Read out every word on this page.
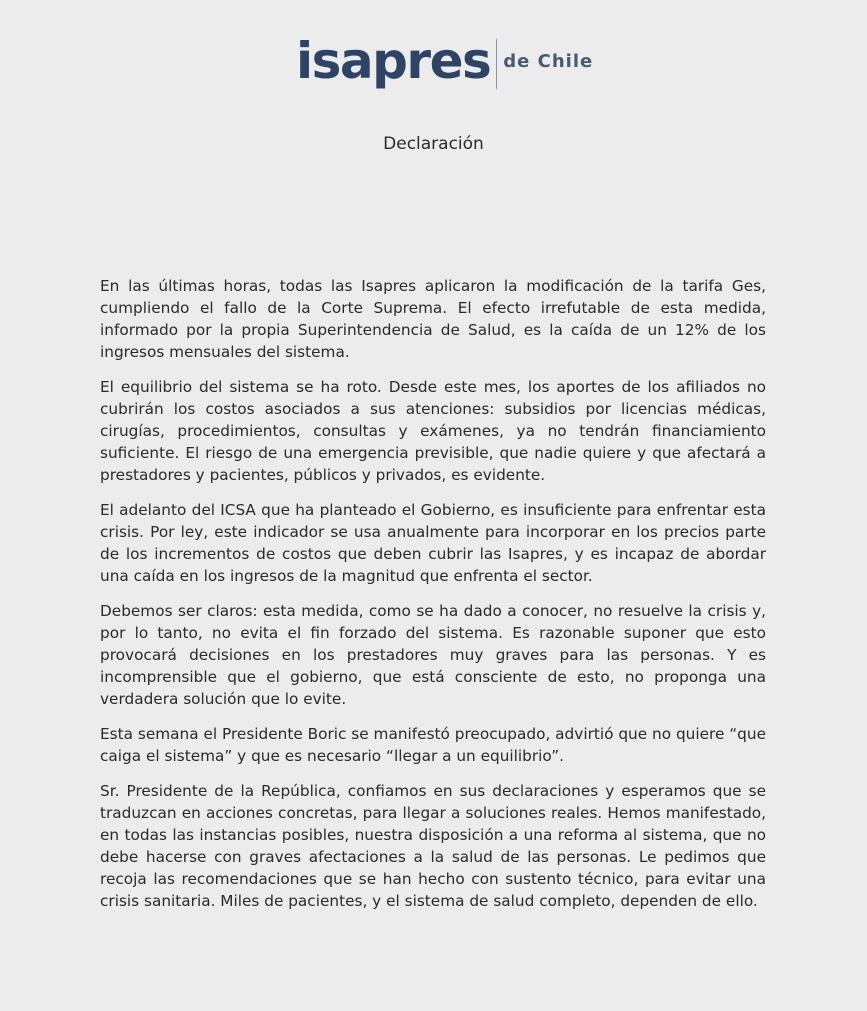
isapres de Chile
Declaración

En las últimas horas, todas las Isapres aplicaron la modificación de la tarifa Ges, cumpliendo el fallo de la Corte Suprema. El efecto irrefutable de esta medida, informado por la propia Superintendencia de Salud, es la caída de un 12% de los ingresos mensuales del sistema.

El equilibrio del sistema se ha roto. Desde este mes, los aportes de los afiliados no cubrirán los costos asociados a sus atenciones: subsidios por licencias médicas, cirugías, procedimientos, consultas y exámenes, ya no tendrán financiamiento suficiente. El riesgo de una emergencia previsible, que nadie quiere y que afectará a prestadores y pacientes, públicos y privados, es evidente.

El adelanto del ICSA que ha planteado el Gobierno, es insuficiente para enfrentar esta crisis. Por ley, este indicador se usa anualmente para incorporar en los precios parte de los incrementos de costos que deben cubrir las Isapres, y es incapaz de abordar una caída en los ingresos de la magnitud que enfrenta el sector.

Debemos ser claros: esta medida, como se ha dado a conocer, no resuelve la crisis y, por lo tanto, no evita el fin forzado del sistema. Es razonable suponer que esto provocará decisiones en los prestadores muy graves para las personas. Y es incomprensible que el gobierno, que está consciente de esto, no proponga una verdadera solución que lo evite.

Esta semana el Presidente Boric se manifestó preocupado, advirtió que no quiere “que caiga el sistema” y que es necesario “llegar a un equilibrio”.

Sr. Presidente de la República, confiamos en sus declaraciones y esperamos que se traduzcan en acciones concretas, para llegar a soluciones reales. Hemos manifestado, en todas las instancias posibles, nuestra disposición a una reforma al sistema, que no debe hacerse con graves afectaciones a la salud de las personas. Le pedimos que recoja las recomendaciones que se han hecho con sustento técnico, para evitar una crisis sanitaria. Miles de pacientes, y el sistema de salud completo, dependen de ello.
